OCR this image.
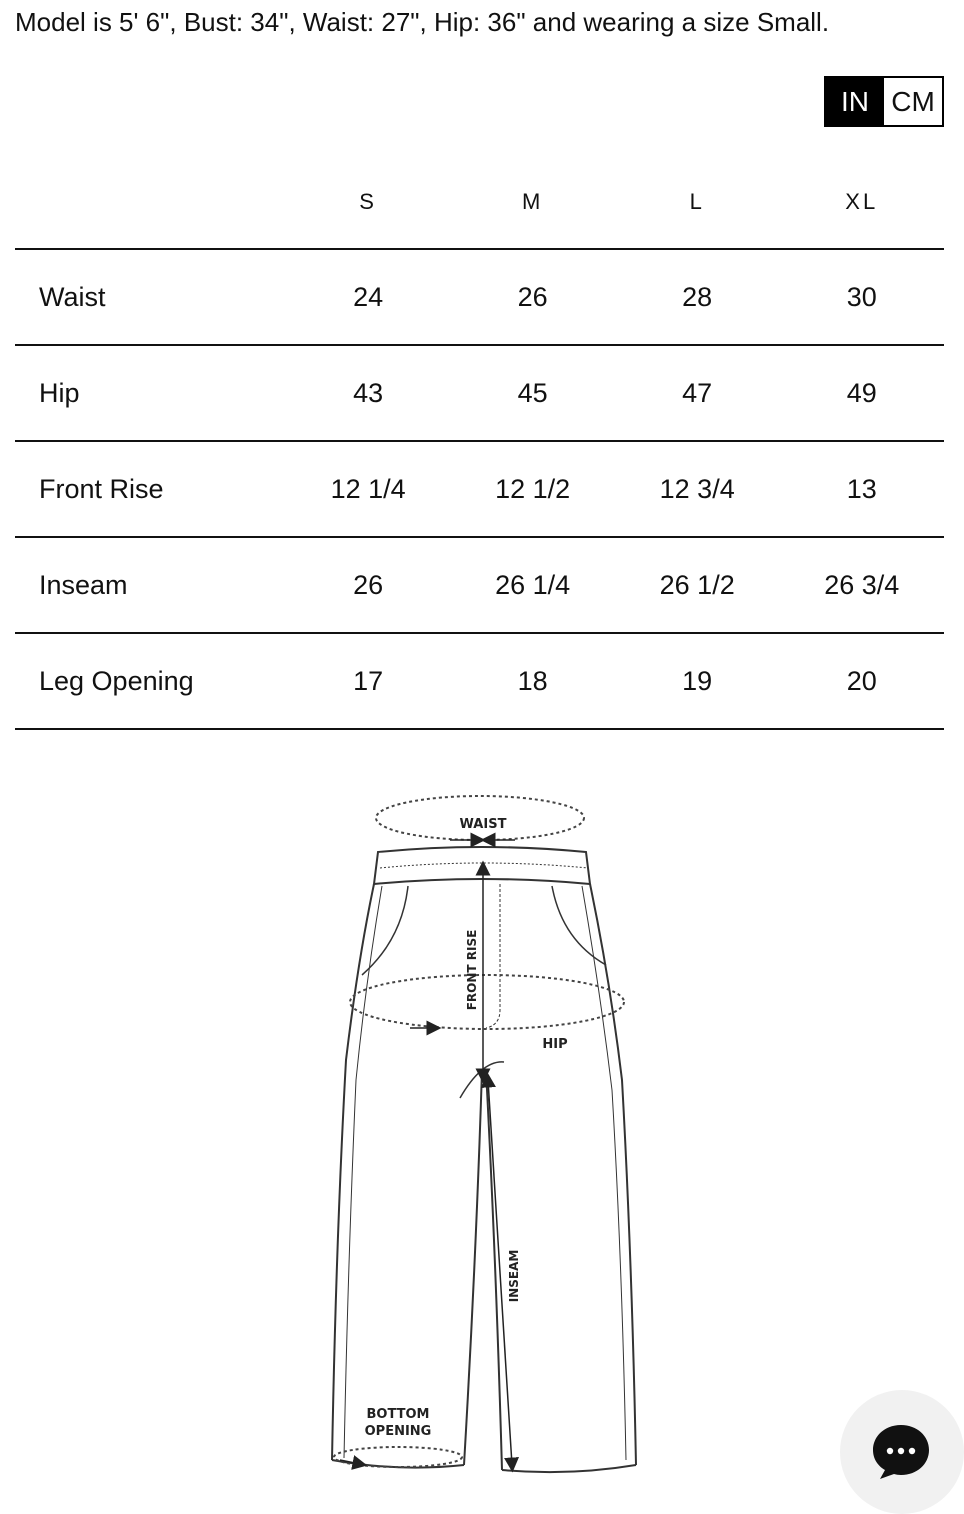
Model is 5' 6", Bust: 34", Waist: 27", Hip: 36" and wearing a size Small.
IN CM
	S	M	L	XL
Waist	24	26	28	30
Hip	43	45	47	49
Front Rise	12 1/4	12 1/2	12 3/4	13
Inseam	26	26 1/4	26 1/2	26 3/4
Leg Opening	17	18	19	20
WAIST
HIP
FRONT RISE
INSEAM
BOTTOM
OPENING
